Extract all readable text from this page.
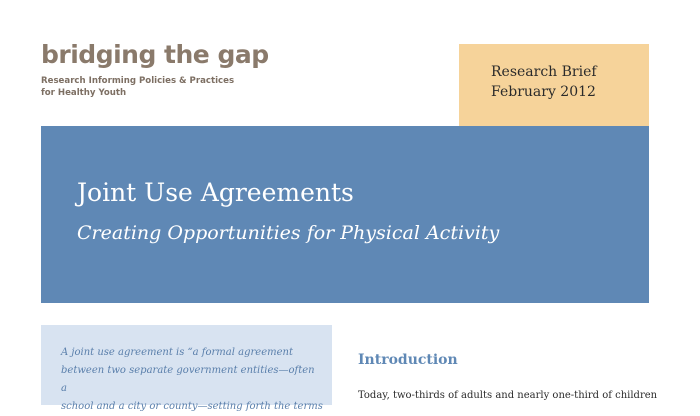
bridging the gap
Research Informing Policies & Practices
for Healthy Youth
Research Brief
February 2012
Joint Use Agreements
Creating Opportunities for Physical Activity
A joint use agreement is “a formal agreement
between two separate government entities—often a
school and a city or county—setting forth the terms
Introduction
Today, two-thirds of adults and nearly one-third of children
